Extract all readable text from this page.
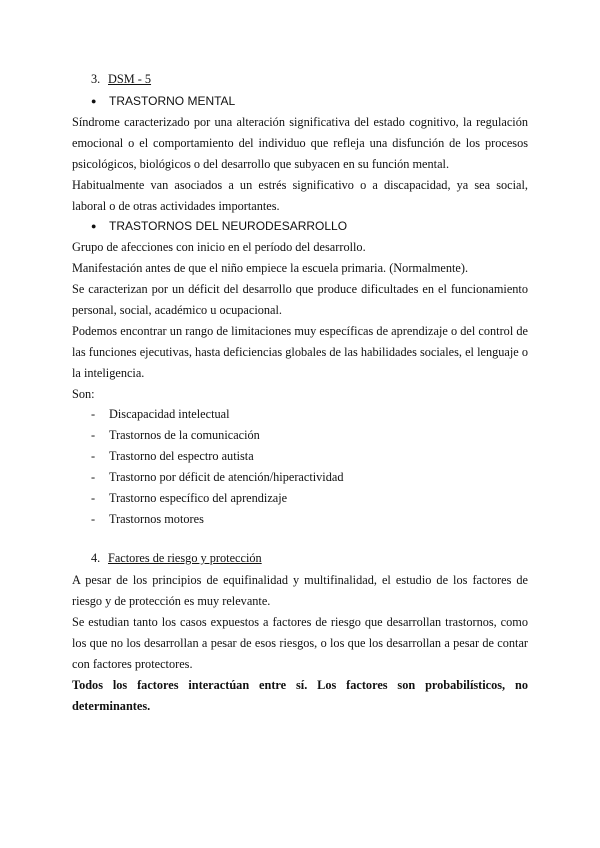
3. DSM - 5
● TRASTORNO MENTAL
Síndrome caracterizado por una alteración significativa del estado cognitivo, la regulación emocional o el comportamiento del individuo que refleja una disfunción de los procesos psicológicos, biológicos o del desarrollo que subyacen en su función mental.
Habitualmente van asociados a un estrés significativo o a discapacidad, ya sea social, laboral o de otras actividades importantes.
● TRASTORNOS DEL NEURODESARROLLO
Grupo de afecciones con inicio en el período del desarrollo.
Manifestación antes de que el niño empiece la escuela primaria. (Normalmente).
Se caracterizan por un déficit del desarrollo que produce dificultades en el funcionamiento personal, social, académico u ocupacional.
Podemos encontrar un rango de limitaciones muy específicas de aprendizaje o del control de las funciones ejecutivas, hasta deficiencias globales de las habilidades sociales, el lenguaje o la inteligencia.
Son:
- Discapacidad intelectual
- Trastornos de la comunicación
- Trastorno del espectro autista
- Trastorno por déficit de atención/hiperactividad
- Trastorno específico del aprendizaje
- Trastornos motores
4. Factores de riesgo y protección
A pesar de los principios de equifinalidad y multifinalidad, el estudio de los factores de riesgo y de protección es muy relevante.
Se estudian tanto los casos expuestos a factores de riesgo que desarrollan trastornos, como los que no los desarrollan a pesar de esos riesgos, o los que los desarrollan a pesar de contar con factores protectores.
Todos los factores interactúan entre sí. Los factores son probabilísticos, no determinantes.
